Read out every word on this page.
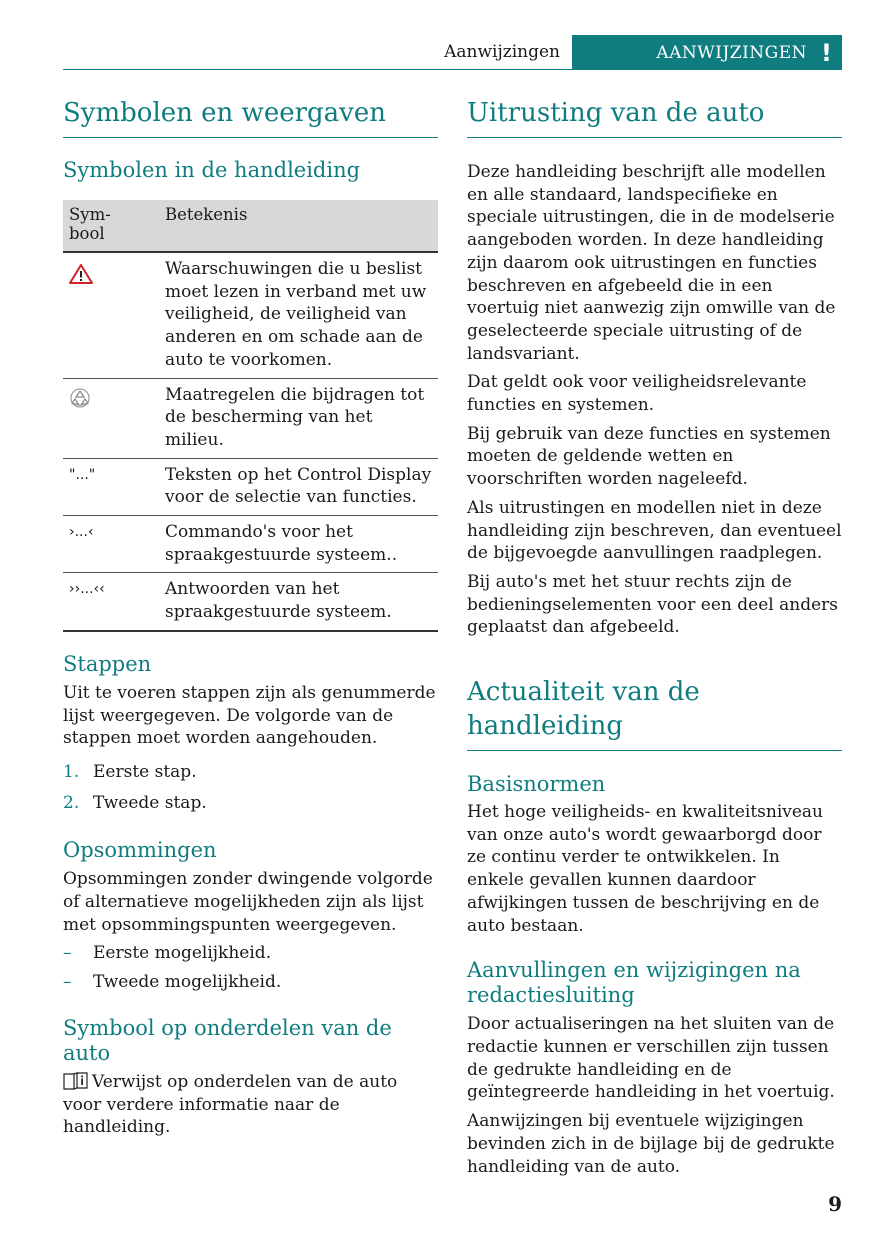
Aanwijzingen	AANWIJZINGEN !
Symbolen en weergaven
Symbolen in de handleiding
Sym-
bool	Betekenis
	Waarschuwingen die u beslist moet lezen in verband met uw veiligheid, de veiligheid van anderen en om schade aan de auto te voorkomen.
	Maatregelen die bijdragen tot de bescherming van het milieu.
"..."	Teksten op het Control Display voor de selectie van functies.
›...‹	Commando's voor het spraakgestuurde systeem..
››...‹‹	Antwoorden van het spraakgestuurde systeem.
Stappen

Uit te voeren stappen zijn als genummerde lijst weergegeven. De volgorde van de stappen moet worden aangehouden.

1. Eerste stap.
2. Tweede stap.
Opsommingen

Opsommingen zonder dwingende volgorde of alternatieve mogelijkheden zijn als lijst met opsommingspunten weergegeven.

– Eerste mogelijkheid.
– Tweede mogelijkheid.
Symbool op onderdelen van de auto

Verwijst op onderdelen van de auto voor verdere informatie naar de handleiding.

Uitrusting van de auto

Deze handleiding beschrijft alle modellen en alle standaard, landspecifieke en speciale uitrustingen, die in de modelserie aangeboden worden. In deze handleiding zijn daarom ook uitrustingen en functies beschreven en afgebeeld die in een voertuig niet aanwezig zijn omwille van de geselecteerde speciale uitrusting of de landsvariant.

Dat geldt ook voor veiligheidsrelevante functies en systemen.

Bij gebruik van deze functies en systemen moeten de geldende wetten en voorschriften worden nageleefd.

Als uitrustingen en modellen niet in deze handleiding zijn beschreven, dan eventueel de bijgevoegde aanvullingen raadplegen.

Bij auto's met het stuur rechts zijn de bedieningselementen voor een deel anders geplaatst dan afgebeeld.

Actualiteit van de handleiding
Basisnormen

Het hoge veiligheids- en kwaliteitsniveau van onze auto's wordt gewaarborgd door ze continu verder te ontwikkelen. In enkele gevallen kunnen daardoor afwijkingen tussen de beschrijving en de auto bestaan.

Aanvullingen en wijzigingen na redactiesluiting

Door actualiseringen na het sluiten van de redactie kunnen er verschillen zijn tussen de gedrukte handleiding en de geïntegreerde handleiding in het voertuig.

Aanwijzingen bij eventuele wijzigingen bevinden zich in de bijlage bij de gedrukte handleiding van de auto.

9
